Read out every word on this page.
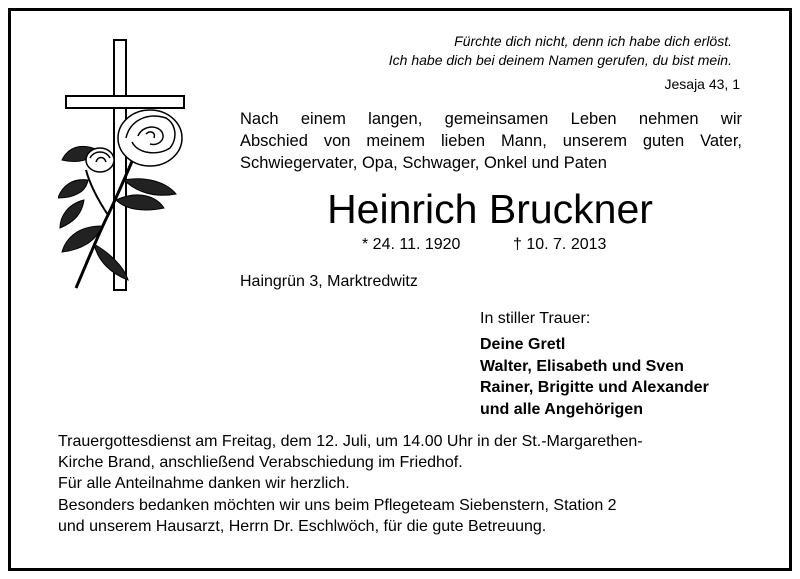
Fürchte dich nicht, denn ich habe dich erlöst.
Ich habe dich bei deinem Namen gerufen, du bist mein.
Jesaja 43, 1
Nach einem langen, gemeinsamen Leben nehmen wir
Abschied von meinem lieben Mann, unserem guten Vater,
Schwiegervater, Opa, Schwager, Onkel und Paten
Heinrich Bruckner
* 24. 11. 1920	† 10. 7. 2013
Haingrün 3, Marktredwitz
In stiller Trauer:
Deine Gretl
Walter, Elisabeth und Sven
Rainer, Brigitte und Alexander
und alle Angehörigen
Trauergottesdienst am Freitag, dem 12. Juli, um 14.00 Uhr in der St.-Margarethen-
Kirche Brand, anschließend Verabschiedung im Friedhof.
Für alle Anteilnahme danken wir herzlich.
Besonders bedanken möchten wir uns beim Pflegeteam Siebenstern, Station 2
und unserem Hausarzt, Herrn Dr. Eschlwöch, für die gute Betreuung.
